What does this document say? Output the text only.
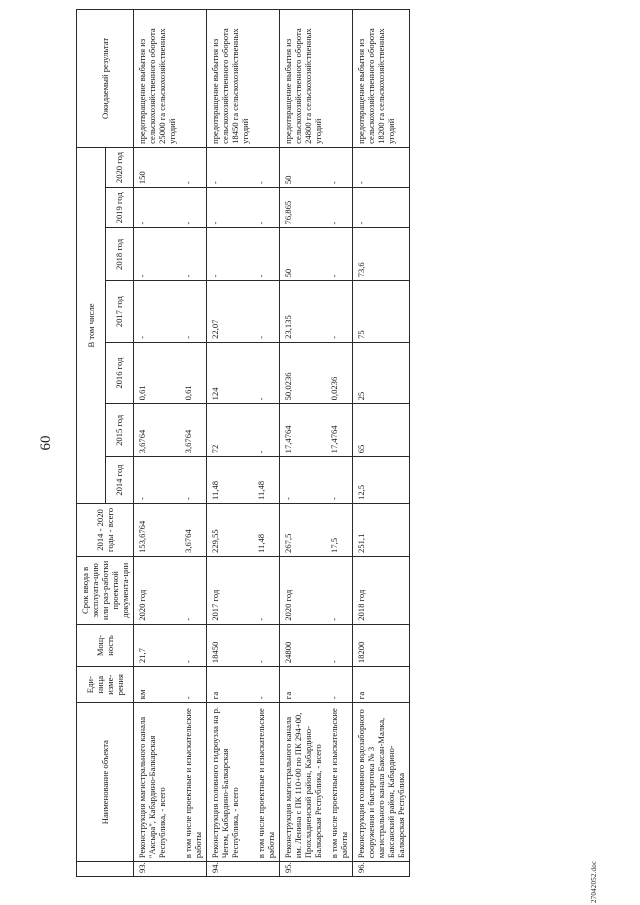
60
	Наименование объекта	Еди-ница изме-рения	Мощ-ность	Срок ввода в эксплуата-цию или раз-работки проектной документа-ции	2014 - 2020 годы - всего	В том числе							Ожидаемый результат
						2014 год	2015 год	2016 год	2017 год	2018 год	2019 год	2020 год	
93.	Реконструкция магистрального канала "Аксыра", Кабардино-Балкарская Республика, - всего	км	21,7	2020 год	153,6764	-	3,6764	0,61	-	-	-	150	предотвращение выбытия из сельскохозяйственного оборота 25000 га сельскохозяйственных угодий
	в том числе проектные и изыскательские работы	-	-	-	3,6764	-	3,6764	0,61	-	-	-	-	
94.	Реконструкция головного гидроузла на р. Чегем, Кабардино-Балкарская Республика, - всего	га	18450	2017 год	229,55	11,48	72	124	22,07	-	-	-	предотвращение выбытия из сельскохозяйственного оборота 18450 га сельскохозяйственных угодий
	в том числе проектные и изыскательские работы	-	-	-	11,48	11,48	-	-	-	-	-	-	
95.	Реконструкция магистрального канала им. Ленина с ПК 110+00 по ПК 294+00, Прохладненский район, Кабардино-Балкарская Республика, - всего	га	24800	2020 год	267,5	-	17,4764	50,0236	23,135	50	76,865	50	предотвращение выбытия из сельскохозяйственного оборота 24800 га сельскохозяйственных угодий
	в том числе проектные и изыскательские работы	-	-	-	17,5	-	17,4764	0,0236	-	-	-	-	
96.	Реконструкция головного водозаборного сооружения и быстротока № 3 магистрального канала Баксан-Малка, Баксанский район, Кабардино-Балкарская Республика	га	18200	2018 год	251,1	12,5	65	25	75	73,6	-	-	предотвращение выбытия из сельскохозяйственного оборота 18200 га сельскохозяйственных угодий
27042052.doc
